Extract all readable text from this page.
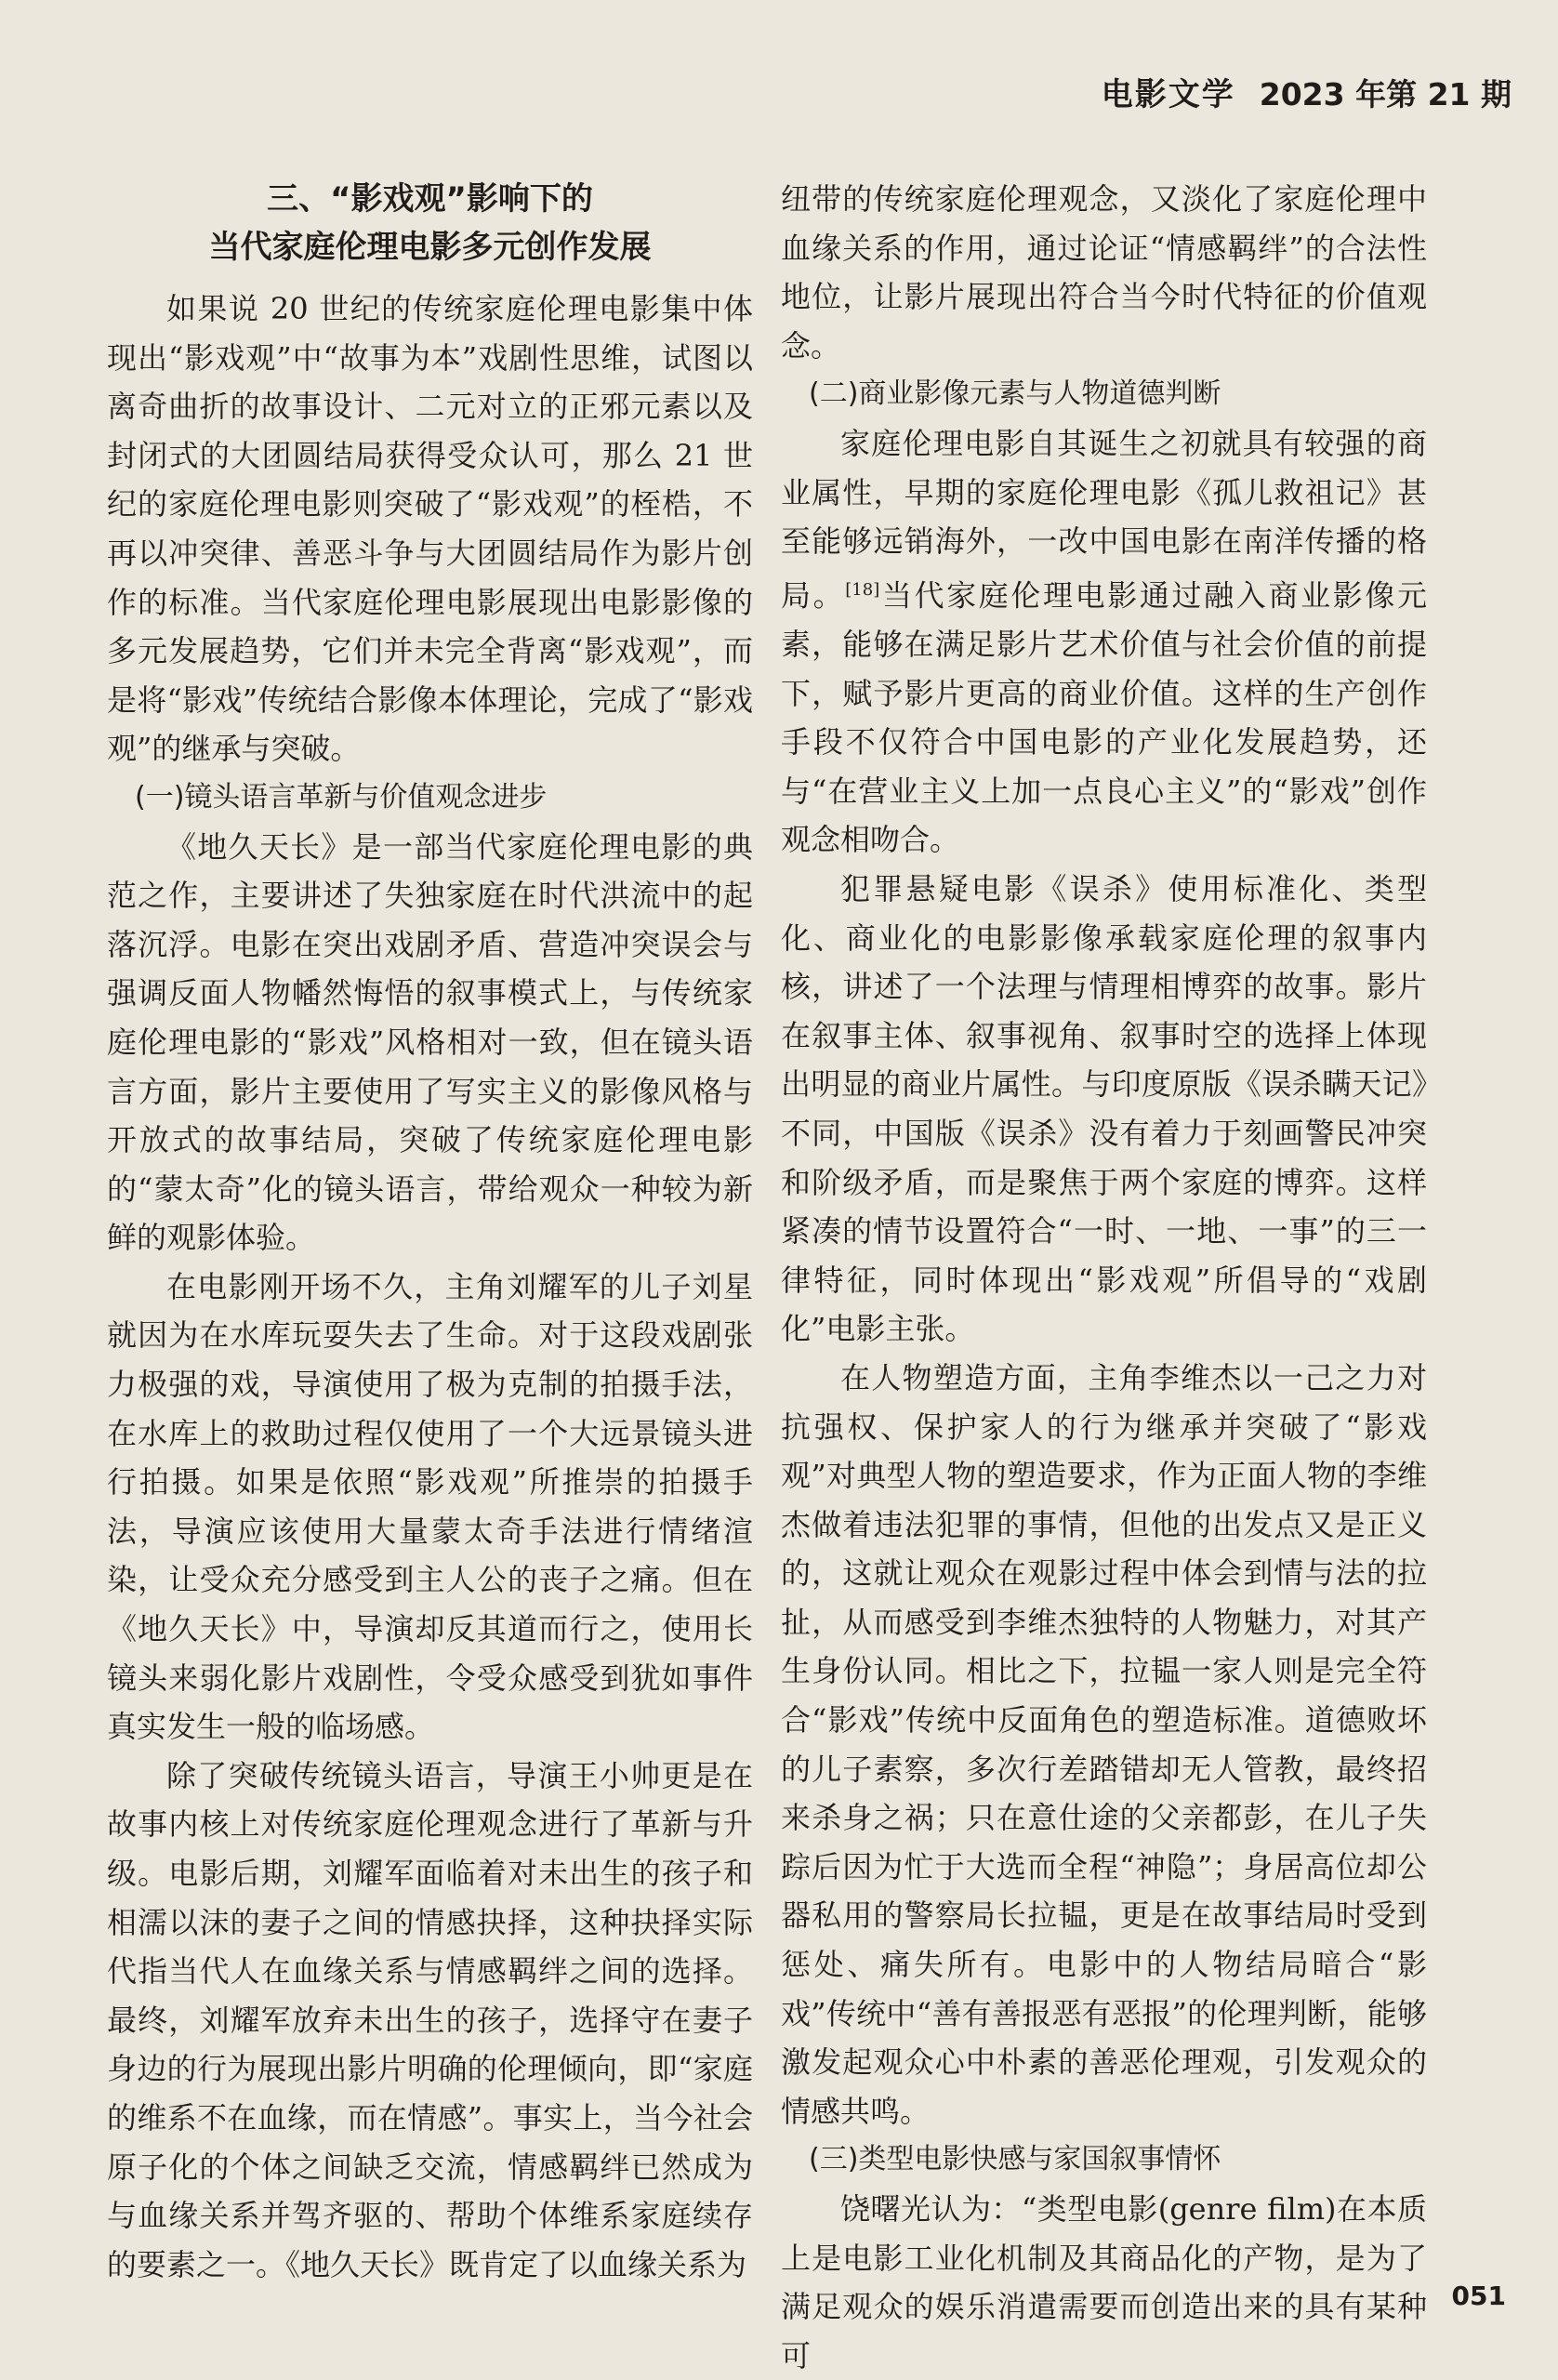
电影文学 2023 年第 21 期
三、“影戏观”影响下的
当代家庭伦理电影多元创作发展

如果说 20 世纪的传统家庭伦理电影集中体现出“影戏观”中“故事为本”戏剧性思维，试图以离奇曲折的故事设计、二元对立的正邪元素以及封闭式的大团圆结局获得受众认可，那么 21 世纪的家庭伦理电影则突破了“影戏观”的桎梏，不再以冲突律、善恶斗争与大团圆结局作为影片创作的标准。当代家庭伦理电影展现出电影影像的多元发展趋势，它们并未完全背离“影戏观”，而是将“影戏”传统结合影像本体理论，完成了“影戏观”的继承与突破。

(一)镜头语言革新与价值观念进步

《地久天长》是一部当代家庭伦理电影的典范之作，主要讲述了失独家庭在时代洪流中的起落沉浮。电影在突出戏剧矛盾、营造冲突误会与强调反面人物幡然悔悟的叙事模式上，与传统家庭伦理电影的“影戏”风格相对一致，但在镜头语言方面，影片主要使用了写实主义的影像风格与开放式的故事结局，突破了传统家庭伦理电影的“蒙太奇”化的镜头语言，带给观众一种较为新鲜的观影体验。

在电影刚开场不久，主角刘耀军的儿子刘星就因为在水库玩耍失去了生命。对于这段戏剧张力极强的戏，导演使用了极为克制的拍摄手法，在水库上的救助过程仅使用了一个大远景镜头进行拍摄。如果是依照“影戏观”所推崇的拍摄手法，导演应该使用大量蒙太奇手法进行情绪渲染，让受众充分感受到主人公的丧子之痛。但在《地久天长》中，导演却反其道而行之，使用长镜头来弱化影片戏剧性，令受众感受到犹如事件真实发生一般的临场感。

除了突破传统镜头语言，导演王小帅更是在故事内核上对传统家庭伦理观念进行了革新与升级。电影后期，刘耀军面临着对未出生的孩子和相濡以沫的妻子之间的情感抉择，这种抉择实际代指当代人在血缘关系与情感羁绊之间的选择。最终，刘耀军放弃未出生的孩子，选择守在妻子身边的行为展现出影片明确的伦理倾向，即“家庭的维系不在血缘，而在情感”。事实上，当今社会原子化的个体之间缺乏交流，情感羁绊已然成为与血缘关系并驾齐驱的、帮助个体维系家庭续存的要素之一。《地久天长》既肯定了以血缘关系为

纽带的传统家庭伦理观念，又淡化了家庭伦理中血缘关系的作用，通过论证“情感羁绊”的合法性地位，让影片展现出符合当今时代特征的价值观念。

(二)商业影像元素与人物道德判断

家庭伦理电影自其诞生之初就具有较强的商业属性，早期的家庭伦理电影《孤儿救祖记》甚至能够远销海外，一改中国电影在南洋传播的格局。[18]当代家庭伦理电影通过融入商业影像元素，能够在满足影片艺术价值与社会价值的前提下，赋予影片更高的商业价值。这样的生产创作手段不仅符合中国电影的产业化发展趋势，还与“在营业主义上加一点良心主义”的“影戏”创作观念相吻合。

犯罪悬疑电影《误杀》使用标准化、类型化、商业化的电影影像承载家庭伦理的叙事内核，讲述了一个法理与情理相博弈的故事。影片在叙事主体、叙事视角、叙事时空的选择上体现出明显的商业片属性。与印度原版《误杀瞒天记》不同，中国版《误杀》没有着力于刻画警民冲突和阶级矛盾，而是聚焦于两个家庭的博弈。这样紧凑的情节设置符合“一时、一地、一事”的三一律特征，同时体现出“影戏观”所倡导的“戏剧化”电影主张。

在人物塑造方面，主角李维杰以一己之力对抗强权、保护家人的行为继承并突破了“影戏观”对典型人物的塑造要求，作为正面人物的李维杰做着违法犯罪的事情，但他的出发点又是正义的，这就让观众在观影过程中体会到情与法的拉扯，从而感受到李维杰独特的人物魅力，对其产生身份认同。相比之下，拉韫一家人则是完全符合“影戏”传统中反面角色的塑造标准。道德败坏的儿子素察，多次行差踏错却无人管教，最终招来杀身之祸；只在意仕途的父亲都彭，在儿子失踪后因为忙于大选而全程“神隐”；身居高位却公器私用的警察局长拉韫，更是在故事结局时受到惩处、痛失所有。电影中的人物结局暗合“影戏”传统中“善有善报恶有恶报”的伦理判断，能够激发起观众心中朴素的善恶伦理观，引发观众的情感共鸣。

(三)类型电影快感与家国叙事情怀

饶曙光认为：“类型电影(genre film)在本质上是电影工业化机制及其商品化的产物，是为了满足观众的娱乐消遣需要而创造出来的具有某种可

051
